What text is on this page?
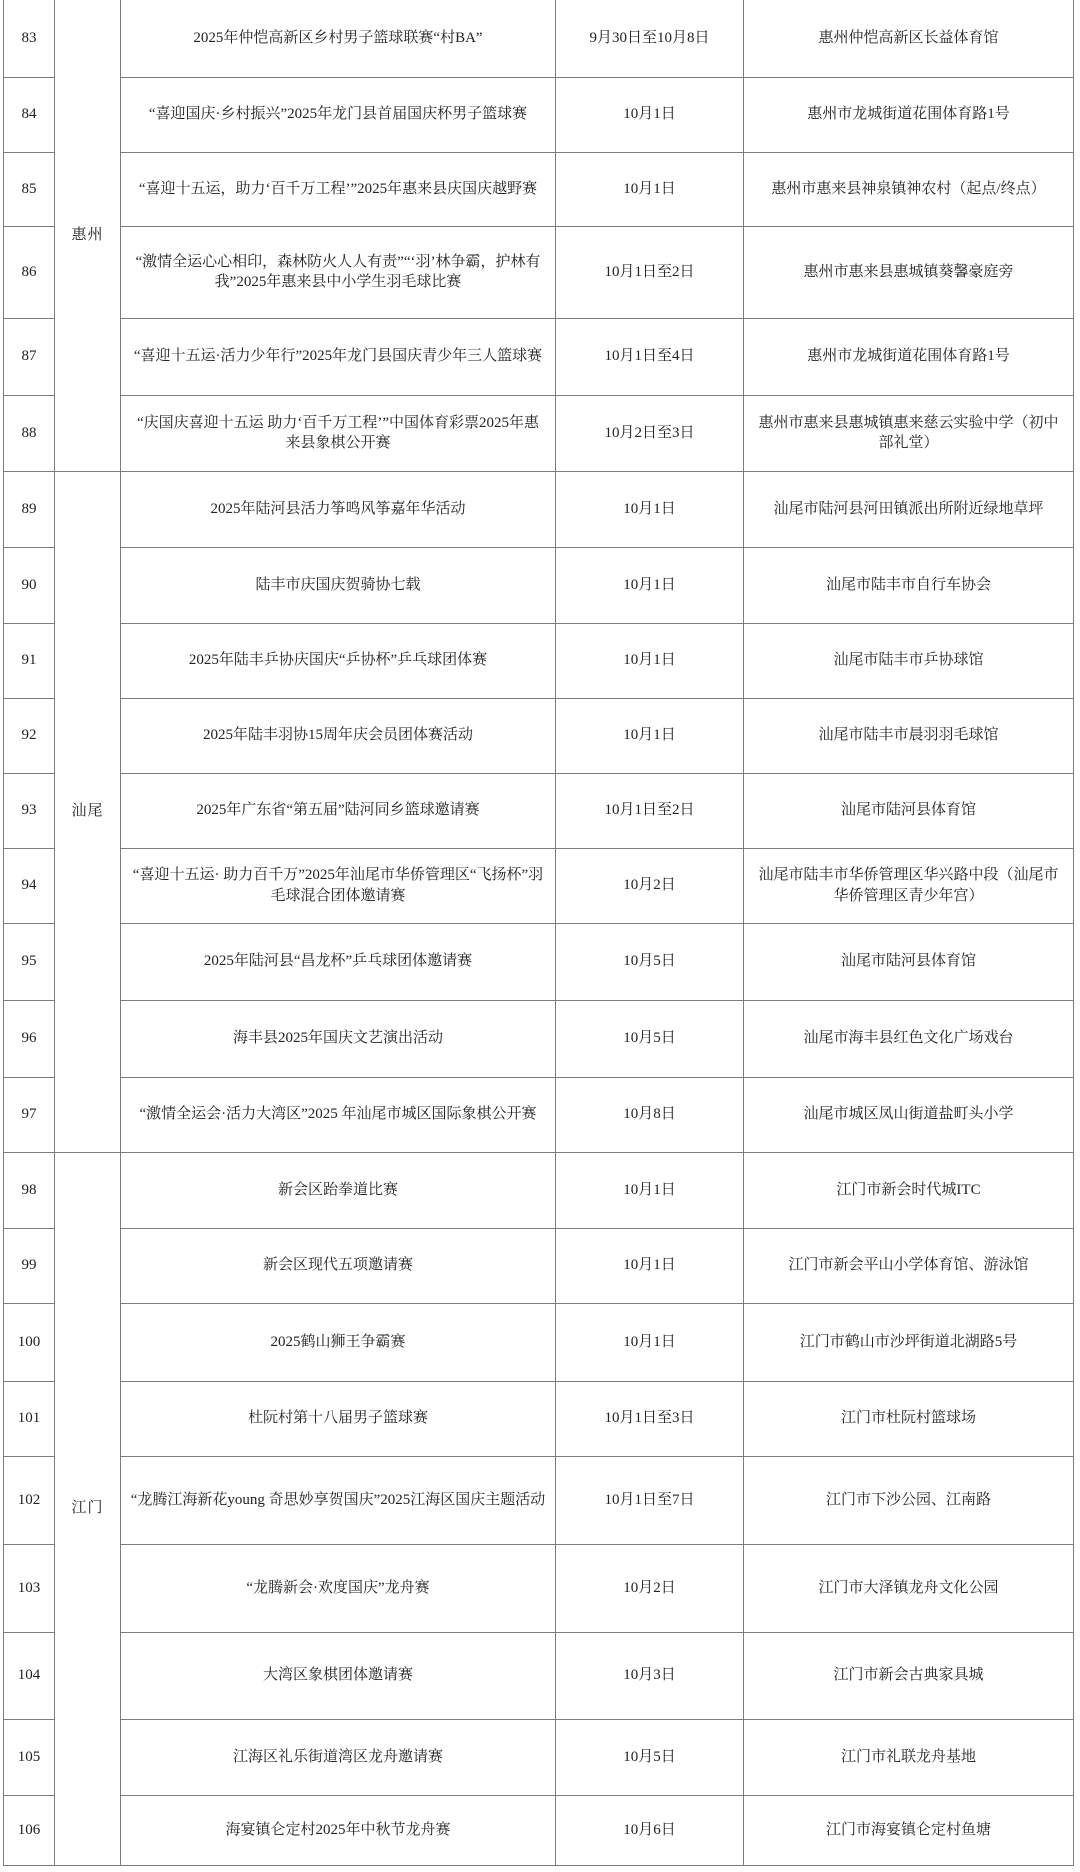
83	惠州	2025年仲恺高新区乡村男子篮球联赛“村BA”	9月30日至10月8日	惠州仲恺高新区长益体育馆
84		“喜迎国庆·乡村振兴”2025年龙门县首届国庆杯男子篮球赛	10月1日	惠州市龙城街道花围体育路1号
85		“喜迎十五运，助力‘百千万工程’”2025年惠来县庆国庆越野赛	10月1日	惠州市惠来县神泉镇神农村（起点/终点）
86		“激情全运心心相印，森林防火人人有责”“‘羽’林争霸，护林有我”2025年惠来县中小学生羽毛球比赛	10月1日至2日	惠州市惠来县惠城镇葵馨豪庭旁
87		“喜迎十五运·活力少年行”2025年龙门县国庆青少年三人篮球赛	10月1日至4日	惠州市龙城街道花围体育路1号
88		“庆国庆喜迎十五运 助力‘百千万工程’”中国体育彩票2025年惠来县象棋公开赛	10月2日至3日	惠州市惠来县惠城镇惠来慈云实验中学（初中部礼堂）
89	汕尾	2025年陆河县活力筝鸣风筝嘉年华活动	10月1日	汕尾市陆河县河田镇派出所附近绿地草坪
90		陆丰市庆国庆贺骑协七载	10月1日	汕尾市陆丰市自行车协会
91		2025年陆丰乒协庆国庆“乒协杯”乒乓球团体赛	10月1日	汕尾市陆丰市乒协球馆
92		2025年陆丰羽协15周年庆会员团体赛活动	10月1日	汕尾市陆丰市晨羽羽毛球馆
93		2025年广东省“第五届”陆河同乡篮球邀请赛	10月1日至2日	汕尾市陆河县体育馆
94		“喜迎十五运· 助力百千万”2025年汕尾市华侨管理区“飞扬杯”羽毛球混合团体邀请赛	10月2日	汕尾市陆丰市华侨管理区华兴路中段（汕尾市华侨管理区青少年宫）
95		2025年陆河县“昌龙杯”乒乓球团体邀请赛	10月5日	汕尾市陆河县体育馆
96		海丰县2025年国庆文艺演出活动	10月5日	汕尾市海丰县红色文化广场戏台
97		“激情全运会·活力大湾区”2025 年汕尾市城区国际象棋公开赛	10月8日	汕尾市城区凤山街道盐町头小学
98	江门	新会区跆拳道比赛	10月1日	江门市新会时代城ITC
99		新会区现代五项邀请赛	10月1日	江门市新会平山小学体育馆、游泳馆
100		2025鹤山狮王争霸赛	10月1日	江门市鹤山市沙坪街道北湖路5号
101		杜阮村第十八届男子篮球赛	10月1日至3日	江门市杜阮村篮球场
102		“龙腾江海新花young 奇思妙享贺国庆”2025江海区国庆主题活动	10月1日至7日	江门市下沙公园、江南路
103		“龙腾新会·欢度国庆”龙舟赛	10月2日	江门市大泽镇龙舟文化公园
104		大湾区象棋团体邀请赛	10月3日	江门市新会古典家具城
105		江海区礼乐街道湾区龙舟邀请赛	10月5日	江门市礼联龙舟基地
106		海宴镇仑定村2025年中秋节龙舟赛	10月6日	江门市海宴镇仑定村鱼塘
